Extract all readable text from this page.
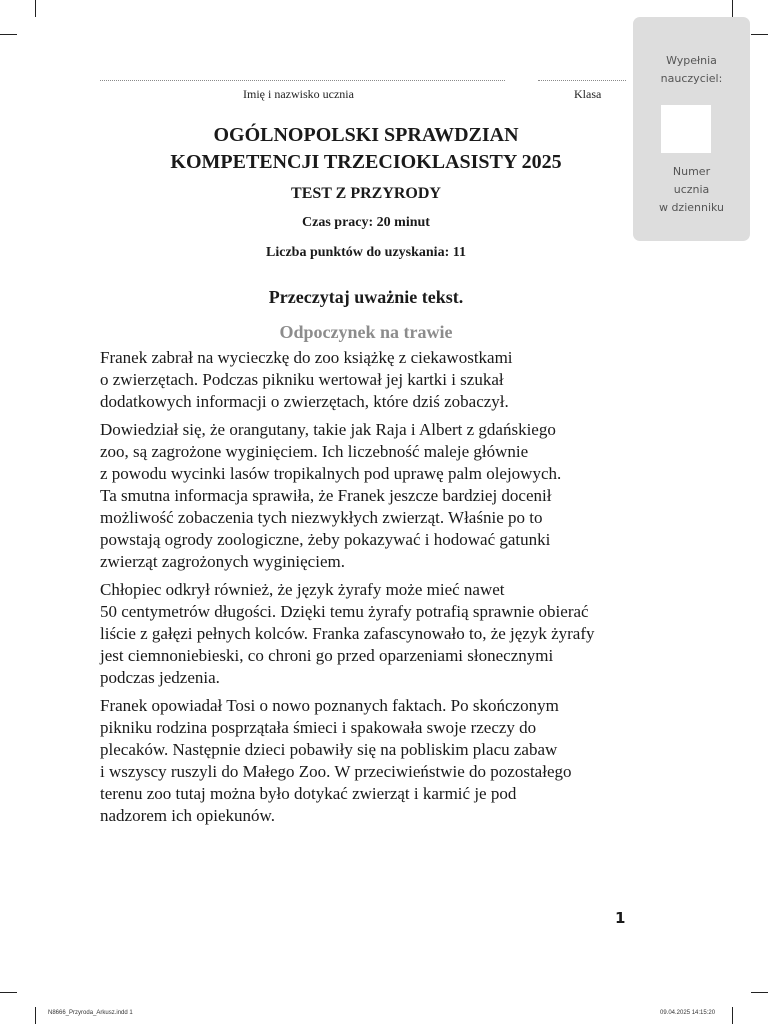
Imię i nazwisko ucznia	Klasa
Wypełnia
nauczyciel:
Numer
ucznia
w dzienniku
OGÓLNOPOLSKI SPRAWDZIAN
KOMPETENCJI TRZECIOKLASISTY 2025
TEST Z PRZYRODY
Czas pracy: 20 minut
Liczba punktów do uzyskania: 11
Przeczytaj uważnie tekst.
Odpoczynek na trawie

Franek zabrał na wycieczkę do zoo książkę z ciekawostkami
o zwierzętach. Podczas pikniku wertował jej kartki i szukał
dodatkowych informacji o zwierzętach, które dziś zobaczył.

Dowiedział się, że orangutany, takie jak Raja i Albert z gdańskiego
zoo, są zagrożone wyginięciem. Ich liczebność maleje głównie
z powodu wycinki lasów tropikalnych pod uprawę palm olejowych.
Ta smutna informacja sprawiła, że Franek jeszcze bardziej docenił
możliwość zobaczenia tych niezwykłych zwierząt. Właśnie po to
powstają ogrody zoologiczne, żeby pokazywać i hodować gatunki
zwierząt zagrożonych wyginięciem.

Chłopiec odkrył również, że język żyrafy może mieć nawet
50 centymetrów długości. Dzięki temu żyrafy potrafią sprawnie obierać
liście z gałęzi pełnych kolców. Franka zafascynowało to, że język żyrafy
jest ciemnoniebieski, co chroni go przed oparzeniami słonecznymi
podczas jedzenia.

Franek opowiadał Tosi o nowo poznanych faktach. Po skończonym
pikniku rodzina posprzątała śmieci i spakowała swoje rzeczy do
plecaków. Następnie dzieci pobawiły się na pobliskim placu zabaw
i wszyscy ruszyli do Małego Zoo. W przeciwieństwie do pozostałego
terenu zoo tutaj można było dotykać zwierząt i karmić je pod
nadzorem ich opiekunów.

1
N8666_Przyroda_Arkusz.indd 1	09.04.2025 14:15:20
